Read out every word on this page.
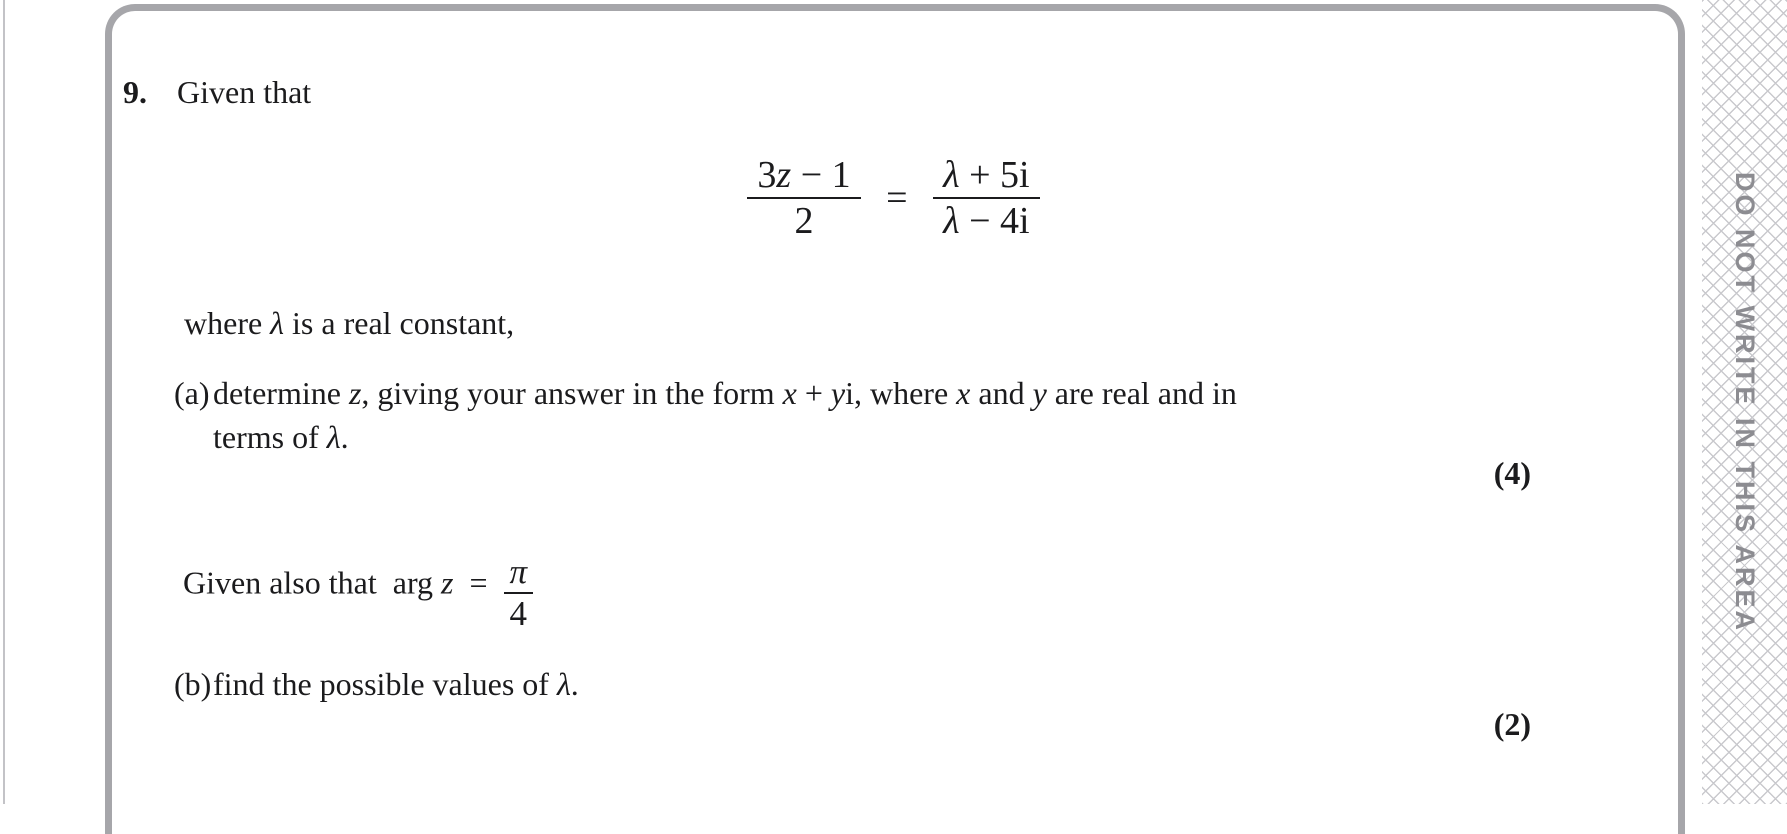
9. Given that
$\frac{3z - 1}{2} = \frac{\lambda + 5i}{\lambda - 4i}$
where λ is a real constant,
(a) determine z, giving your answer in the form x + yi, where x and y are real and in
terms of λ.
(4)
Given also that arg z =  $\frac{\pi}{4}$
(b) find the possible values of λ.
(2)
DO NOT WRITE IN THIS AREA
